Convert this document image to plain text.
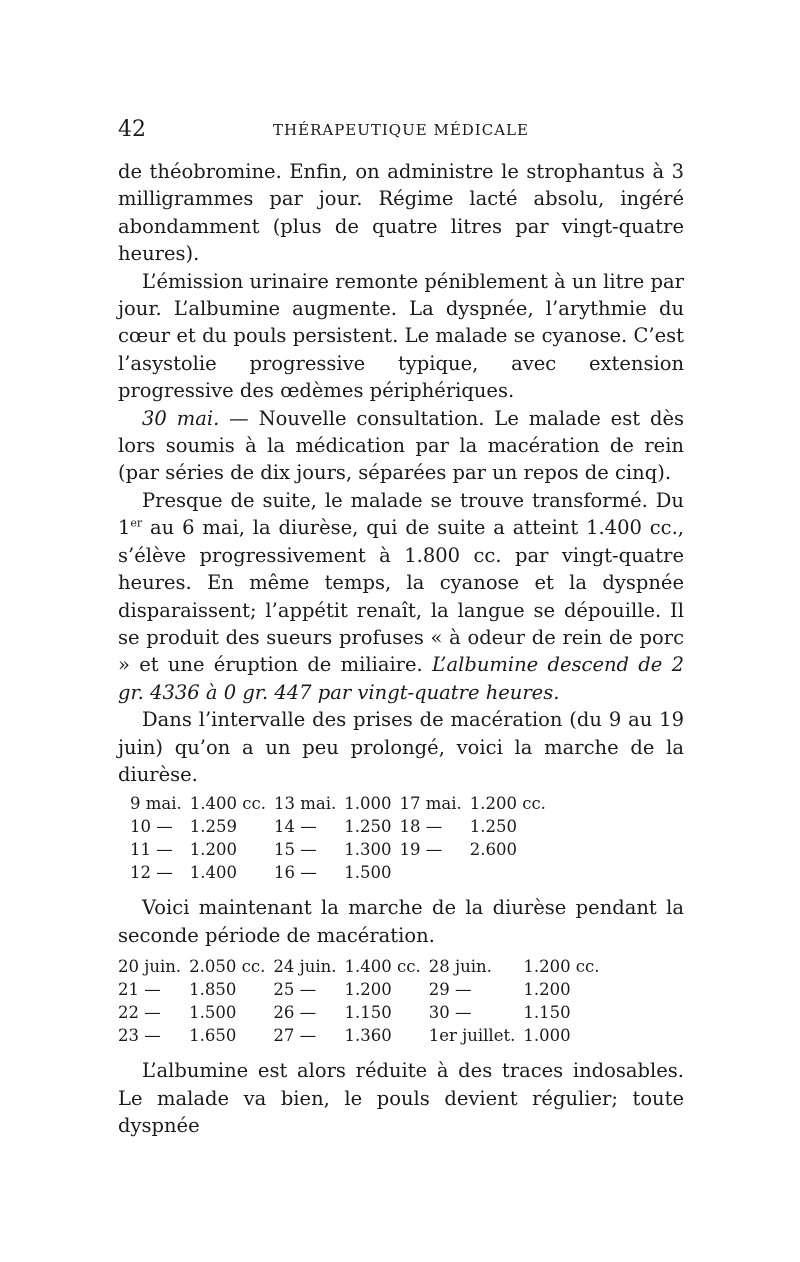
42	THÉRAPEUTIQUE MÉDICALE

de théobromine. Enfin, on administre le strophantus à 3 milligrammes par jour. Régime lacté absolu, ingéré abondamment (plus de quatre litres par vingt-quatre heures).

L’émission urinaire remonte péniblement à un litre par jour. L’albumine augmente. La dyspnée, l’arythmie du cœur et du pouls persistent. Le malade se cyanose. C’est l’asystolie progressive typique, avec extension progressive des œdèmes périphériques.

30 mai. — Nouvelle consultation. Le malade est dès lors soumis à la médication par la macération de rein (par séries de dix jours, séparées par un repos de cinq).

Presque de suite, le malade se trouve transformé. Du 1er au 6 mai, la diurèse, qui de suite a atteint 1.400 cc., s’élève progressivement à 1.800 cc. par vingt-quatre heures. En même temps, la cyanose et la dyspnée disparaissent; l’appétit renaît, la langue se dépouille. Il se produit des sueurs profuses « à odeur de rein de porc » et une éruption de miliaire. L’albumine descend de 2 gr. 4336 à 0 gr. 447 par vingt-quatre heures.

Dans l’intervalle des prises de macération (du 9 au 19 juin) qu’on a un peu prolongé, voici la marche de la diurèse.

9 mai.	1.400 cc.	13 mai.	1.000	17 mai.	1.200 cc.
10 —	1.259	14 —	1.250	18 —	1.250
11 —	1.200	15 —	1.300	19 —	2.600
12 —	1.400	16 —	1.500		

Voici maintenant la marche de la diurèse pendant la seconde période de macération.

20 juin.	2.050 cc.	24 juin.	1.400 cc.	28 juin.	1.200 cc.
21 —	1.850	25 —	1.200	29 —	1.200
22 —	1.500	26 —	1.150	30 —	1.150
23 —	1.650	27 —	1.360	1er juillet.	1.000

L’albumine est alors réduite à des traces indosables. Le malade va bien, le pouls devient régulier; toute dyspnée
